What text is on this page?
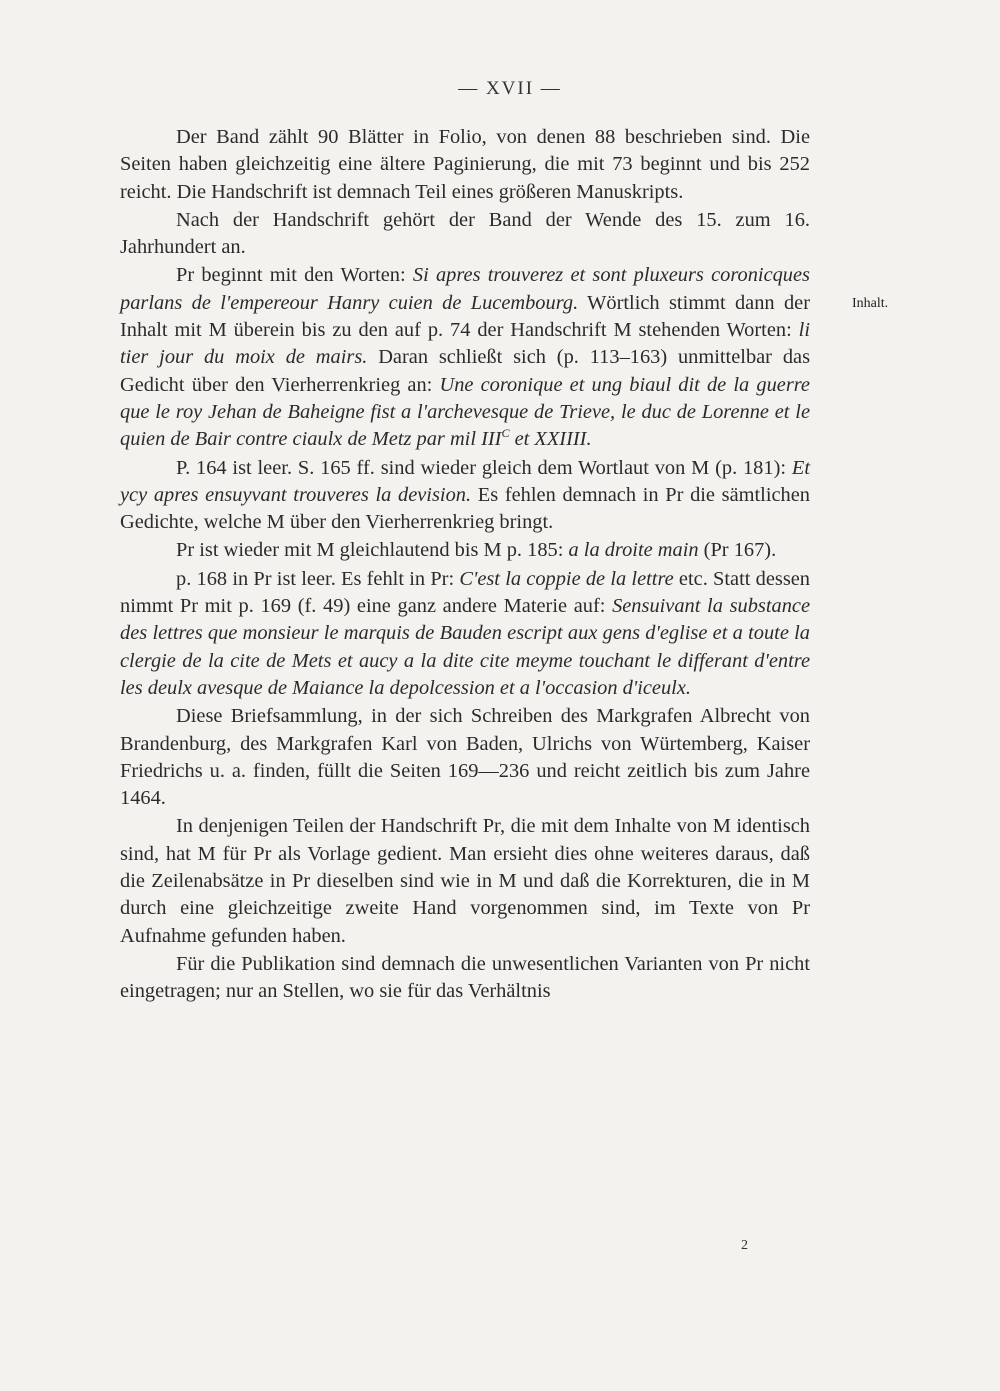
— XVII —

Der Band zählt 90 Blätter in Folio, von denen 88 beschrieben sind. Die Seiten haben gleichzeitig eine ältere Paginierung, die mit 73 beginnt und bis 252 reicht. Die Handschrift ist demnach Teil eines größeren Manuskripts.

Nach der Handschrift gehört der Band der Wende des 15. zum 16. Jahrhundert an.

Pr beginnt mit den Worten: Si apres trouverez et sont pluxeurs coronicques parlans de l'empereour Hanry cuien de Lucembourg. Wörtlich stimmt dann der Inhalt mit M überein bis zu den auf p. 74 der Handschrift M stehenden Worten: li tier jour du moix de mairs. Daran schließt sich (p. 113–163) unmittelbar das Gedicht über den Vierherrenkrieg an: Une coronique et ung biaul dit de la guerre que le roy Jehan de Baheigne fist a l'archevesque de Trieve, le duc de Lorenne et le quien de Bair contre ciaulx de Metz par mil $III^C$ et XXIIII.

P. 164 ist leer. S. 165 ff. sind wieder gleich dem Wortlaut von M (p. 181): Et ycy apres ensuyvant trouveres la devision. Es fehlen demnach in Pr die sämtlichen Gedichte, welche M über den Vierherrenkrieg bringt.

Pr ist wieder mit M gleichlautend bis M p. 185: a la droite main (Pr 167).

p. 168 in Pr ist leer. Es fehlt in Pr: C'est la coppie de la lettre etc. Statt dessen nimmt Pr mit p. 169 (f. 49) eine ganz andere Materie auf: Sensuivant la substance des lettres que monsieur le marquis de Bauden escript aux gens d'eglise et a toute la clergie de la cite de Mets et aucy a la dite cite meyme touchant le differant d'entre les deulx avesque de Maiance la depolcession et a l'occasion d'iceulx.

Diese Briefsammlung, in der sich Schreiben des Markgrafen Albrecht von Brandenburg, des Markgrafen Karl von Baden, Ulrichs von Würtemberg, Kaiser Friedrichs u. a. finden, füllt die Seiten 169—236 und reicht zeitlich bis zum Jahre 1464.

In denjenigen Teilen der Handschrift Pr, die mit dem Inhalte von M identisch sind, hat M für Pr als Vorlage gedient. Man ersieht dies ohne weiteres daraus, daß die Zeilenabsätze in Pr dieselben sind wie in M und daß die Korrekturen, die in M durch eine gleichzeitige zweite Hand vorgenommen sind, im Texte von Pr Aufnahme gefunden haben.

Für die Publikation sind demnach die unwesentlichen Varianten von Pr nicht eingetragen; nur an Stellen, wo sie für das Verhältnis

Inhalt.
2
